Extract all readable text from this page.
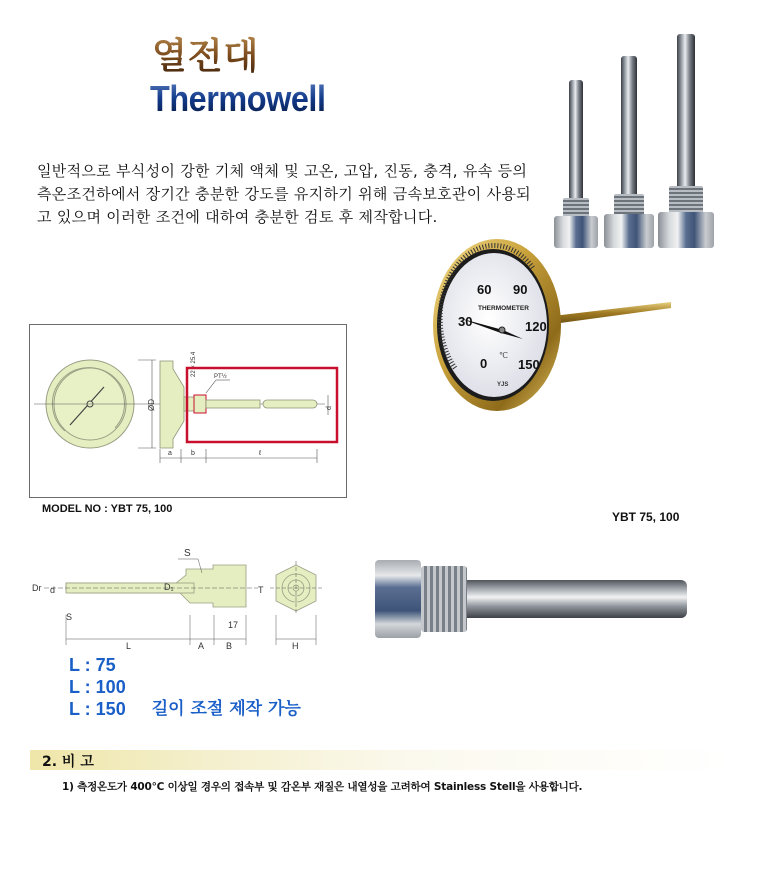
열전대
Thermowell
일반적으로 부식성이 강한 기체 액체 및 고온, 고압, 진동, 충격, 유속 등의
측온조건하에서 장기간 충분한 강도를 유지하기 위해 금속보호관이 사용되
고 있으며 이러한 조건에 대하여 충분한 검토 후 제작합니다.
60 90
30	120
0 150
THERMOMETER
℃
YJS
YBT 75, 100
ØD
22 × 25.4	PT½
d
a	b	ℓ
MODEL NO : YBT 75, 100
S
Dr d	D₁	T
S
L	A B
17
H
L : 75
L : 100
L : 150 길이 조절 제작 가능
2. 비 고
1) 측정온도가 400℃ 이상일 경우의 접속부 및 감온부 재질은 내열성을 고려하여 Stainless Stell을 사용합니다.
